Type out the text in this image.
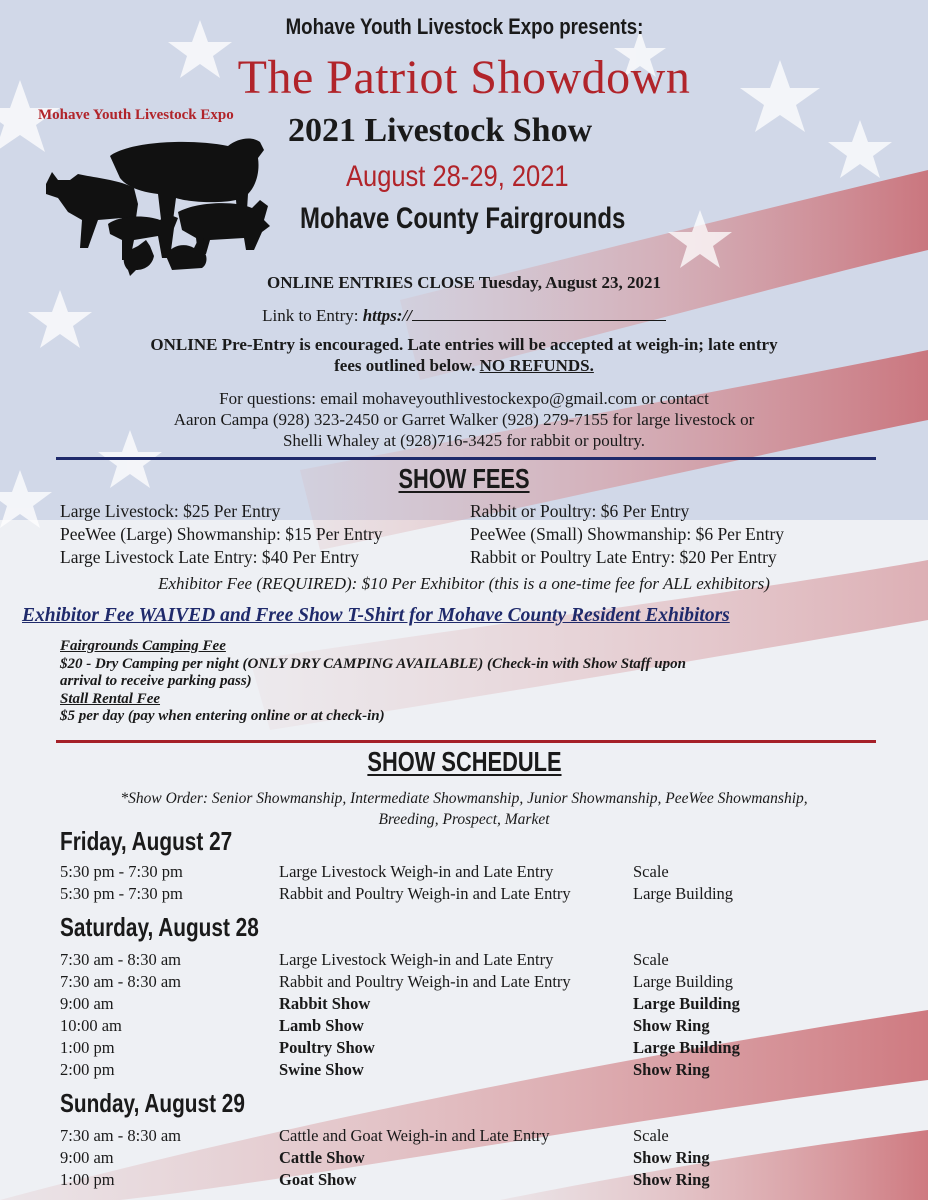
Mohave Youth Livestock Expo presents:
The Patriot Showdown
Mohave Youth Livestock Expo 2021 Livestock Show
August 28-29, 2021
Mohave County Fairgrounds
ONLINE ENTRIES CLOSE Tuesday, August 23, 2021
Link to Entry: https://
ONLINE Pre-Entry is encouraged. Late entries will be accepted at weigh-in; late entry
fees outlined below. NO REFUNDS.
For questions: email mohaveyouthlivestockexpo@gmail.com or contact
Aaron Campa (928) 323-2450 or Garret Walker (928) 279-7155 for large livestock or
Shelli Whaley at (928)716-3425 for rabbit or poultry.
SHOW FEES
Large Livestock: $25 Per Entry	Rabbit or Poultry: $6 Per Entry
PeeWee (Large) Showmanship: $15 Per Entry	PeeWee (Small) Showmanship: $6 Per Entry
Large Livestock Late Entry: $40 Per Entry	Rabbit or Poultry Late Entry: $20 Per Entry
Exhibitor Fee (REQUIRED): $10 Per Exhibitor (this is a one-time fee for ALL exhibitors)
Exhibitor Fee WAIVED and Free Show T-Shirt for Mohave County Resident Exhibitors
Fairgrounds Camping Fee
$20 - Dry Camping per night (ONLY DRY CAMPING AVAILABLE) (Check-in with Show Staff upon
arrival to receive parking pass)
Stall Rental Fee
$5 per day (pay when entering online or at check-in)
SHOW SCHEDULE
*Show Order: Senior Showmanship, Intermediate Showmanship, Junior Showmanship, PeeWee Showmanship,
Breeding, Prospect, Market
Friday, August 27
5:30 pm - 7:30 pm	Large Livestock Weigh-in and Late Entry	Scale
5:30 pm - 7:30 pm	Rabbit and Poultry Weigh-in and Late Entry	Large Building
Saturday, August 28
7:30 am - 8:30 am	Large Livestock Weigh-in and Late Entry	Scale
7:30 am - 8:30 am	Rabbit and Poultry Weigh-in and Late Entry	Large Building
9:00 am	Rabbit Show	Large Building
10:00 am	Lamb Show	Show Ring
1:00 pm	Poultry Show	Large Building
2:00 pm	Swine Show	Show Ring
Sunday, August 29
7:30 am - 8:30 am	Cattle and Goat Weigh-in and Late Entry	Scale
9:00 am	Cattle Show	Show Ring
1:00 pm	Goat Show	Show Ring
